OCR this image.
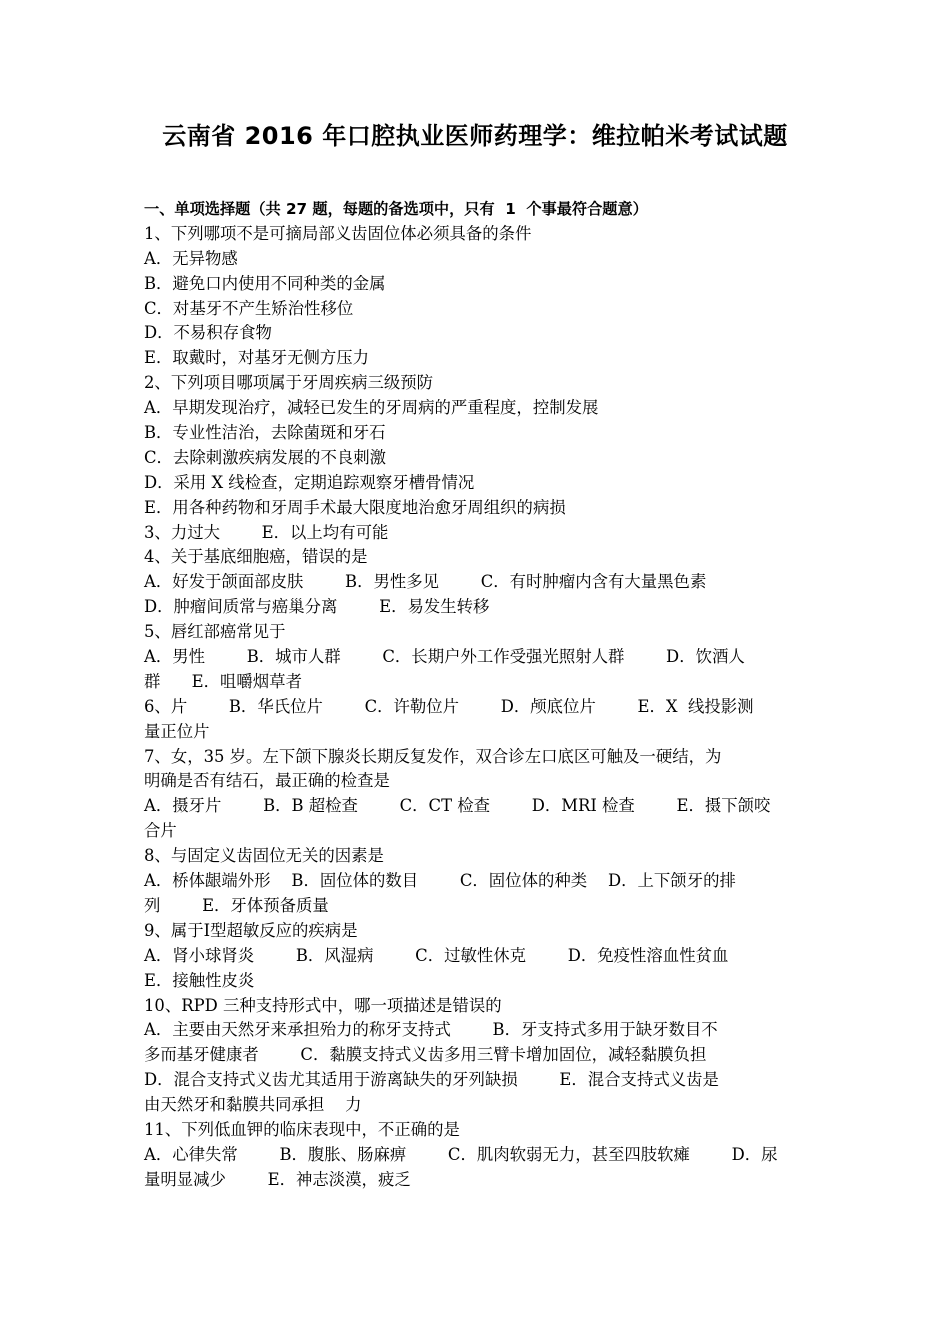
云南省 2016 年口腔执业医师药理学：维拉帕米考试试题
一、单项选择题（共 27 题，每题的备选项中，只有  1  个事最符合题意）
1、下列哪项不是可摘局部义齿固位体必须具备的条件
A．无异物感
B．避免口内使用不同种类的金属
C．对基牙不产生矫治性移位
D．不易积存食物
E．取戴时，对基牙无侧方压力
2、下列项目哪项属于牙周疾病三级预防
A．早期发现治疗，减轻已发生的牙周病的严重程度，控制发展
B．专业性洁治，去除菌斑和牙石
C．去除刺激疾病发展的不良刺激
D．采用 X 线检查，定期追踪观察牙槽骨情况
E．用各种药物和牙周手术最大限度地治愈牙周组织的病损
3、力过大        E．以上均有可能
4、关于基底细胞癌，错误的是
A．好发于颌面部皮肤        B．男性多见        C．有时肿瘤内含有大量黑色素
D．肿瘤间质常与癌巢分离        E．易发生转移
5、唇红部癌常见于
A．男性        B．城市人群        C．长期户外工作受强光照射人群        D．饮酒人
群      E．咀嚼烟草者
6、片        B．华氏位片        C．许勒位片        D．颅底位片        E．X  线投影测
量正位片
7、女，35 岁。左下颌下腺炎长期反复发作，双合诊左口底区可触及一硬结，为
明确是否有结石，最正确的检查是
A．摄牙片        B．B 超检查        C．CT 检查        D．MRI 检查        E．摄下颌咬
合片
8、与固定义齿固位无关的因素是
A．桥体龈端外形    B．固位体的数目        C．固位体的种类    D．上下颌牙的排
列        E．牙体预备质量
9、属于Ⅰ型超敏反应的疾病是
A．肾小球肾炎        B．风湿病        C．过敏性休克        D．免疫性溶血性贫血
E．接触性皮炎
10、RPD 三种支持形式中，哪一项描述是错误的
A．主要由天然牙来承担殆力的称牙支持式        B．牙支持式多用于缺牙数目不
多而基牙健康者        C．黏膜支持式义齿多用三臂卡增加固位，减轻黏膜负担
D．混合支持式义齿尤其适用于游离缺失的牙列缺损        E．混合支持式义齿是
由天然牙和黏膜共同承担    力
11、下列低血钾的临床表现中，不正确的是
A．心律失常        B．腹胀、肠麻痹        C．肌肉软弱无力，甚至四肢软瘫        D．尿
量明显减少        E．神志淡漠，疲乏
